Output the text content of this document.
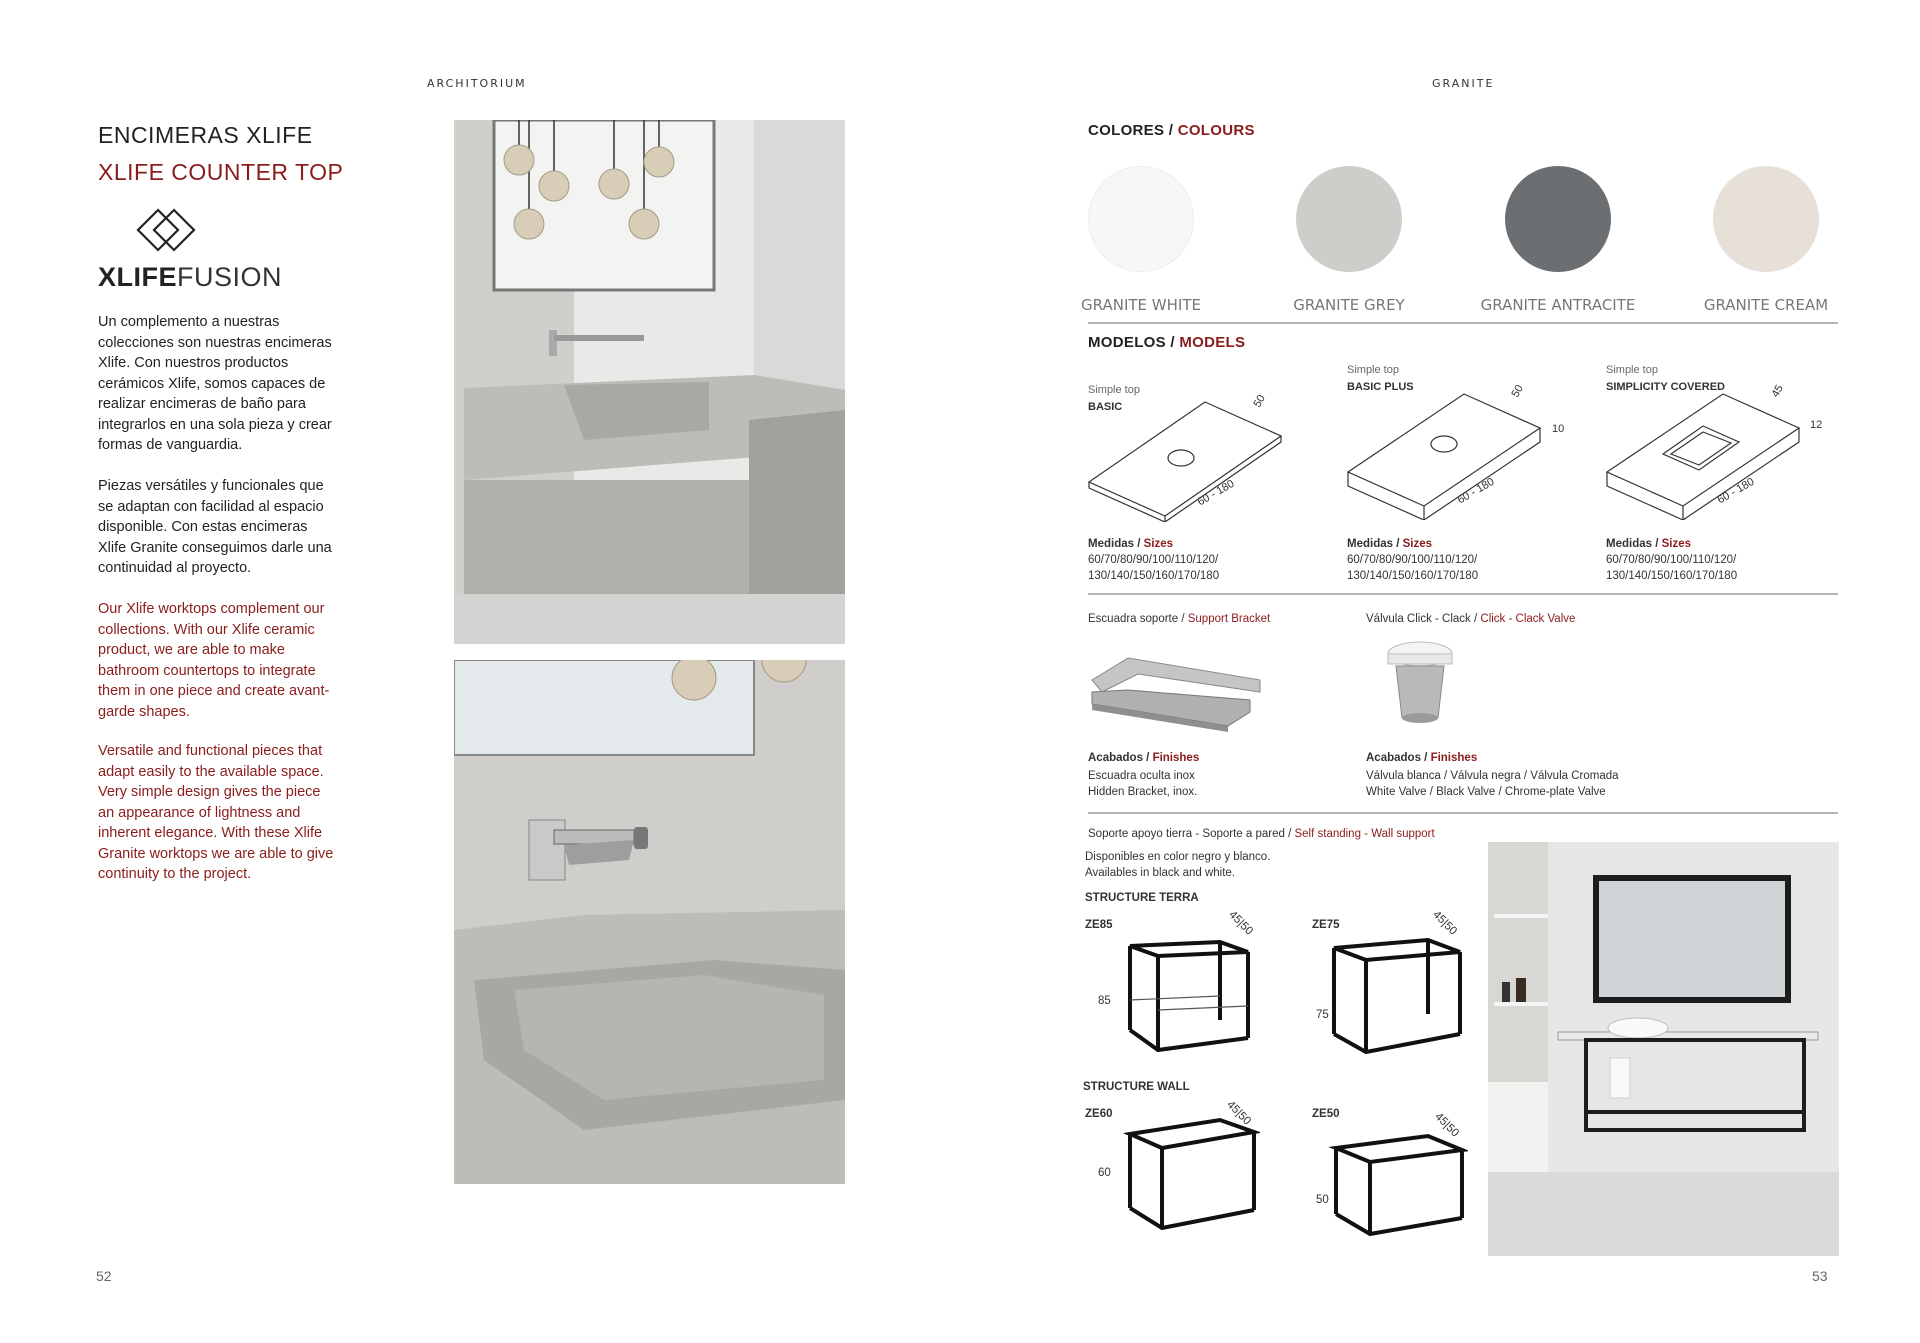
ARCHITORIUM	GRANITE
ENCIMERAS XLIFE
XLIFE COUNTER TOP
XLIFEFUSION
Un complemento a nuestras colecciones son nuestras encimeras Xlife. Con nuestros productos cerámicos Xlife, somos capaces de realizar encimeras de baño para integrarlos en una sola pieza y crear formas de vanguardia.
Piezas versátiles y funcionales que se adaptan con facilidad al espacio disponible. Con estas encimeras Xlife Granite conseguimos darle una continuidad al proyecto.
Our Xlife worktops complement our collections. With our Xlife ceramic product, we are able to make bathroom countertops to integrate them in one piece and create avant-garde shapes.
Versatile and functional pieces that adapt easily to the available space. Very simple design gives the piece an appearance of lightness and inherent elegance. With these Xlife Granite worktops we are able to give continuity to the project.
52
COLORES / COLOURS
GRANITE WHITE	GRANITE GREY	GRANITE ANTRACITE	GRANITE CREAM
MODELOS / MODELS
Simple top
BASIC	50
60 - 180
Medidas / Sizes
60/70/80/90/100/110/120/
130/140/150/160/170/180
Simple top
BASIC PLUS	50
10
60 - 180
Medidas / Sizes
60/70/80/90/100/110/120/
130/140/150/160/170/180
Simple top
SIMPLICITY COVERED	45
12
60 - 180
Medidas / Sizes
60/70/80/90/100/110/120/
130/140/150/160/170/180
Escuadra soporte / Support Bracket
Acabados / Finishes
Escuadra oculta inox
Hidden Bracket, inox.
Válvula Click - Clack / Click - Clack Valve
Acabados / Finishes
Válvula blanca / Válvula negra / Válvula Cromada
White Valve / Black Valve / Chrome-plate Valve
Soporte apoyo tierra - Soporte a pared / Self standing - Wall support
Disponibles en color negro y blanco.
Availables in black and white.
STRUCTURE TERRA
STRUCTURE WALL
ZE85
85
45|50	ZE75
75
45|50
ZE60
60
45|50	ZE50
50
45|50
53
